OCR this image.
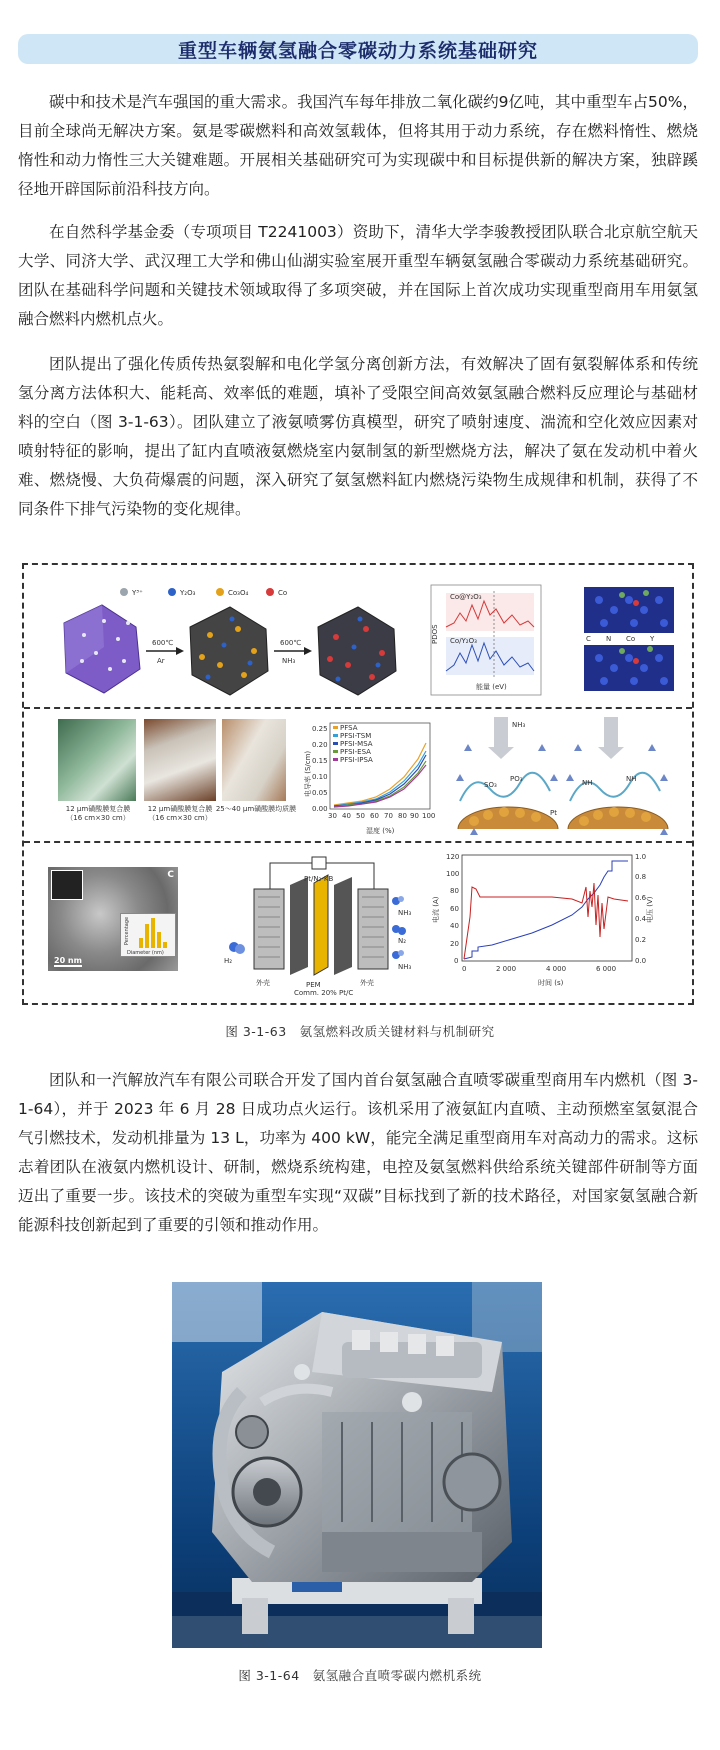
重型车辆氨氢融合零碳动力系统基础研究

碳中和技术是汽车强国的重大需求。我国汽车每年排放二氧化碳约9亿吨，其中重型车占50%，目前全球尚无解决方案。氨是零碳燃料和高效氢载体，但将其用于动力系统，存在燃料惰性、燃烧惰性和动力惰性三大关键难题。开展相关基础研究可为实现碳中和目标提供新的解决方案，独辟蹊径地开辟国际前沿科技方向。

在自然科学基金委（专项项目 T2241003）资助下，清华大学李骏教授团队联合北京航空航天大学、同济大学、武汉理工大学和佛山仙湖实验室展开重型车辆氨氢融合零碳动力系统基础研究。团队在基础科学问题和关键技术领域取得了多项突破，并在国际上首次成功实现重型商用车用氨氢融合燃料内燃机点火。

团队提出了强化传质传热氨裂解和电化学氢分离创新方法，有效解决了固有氨裂解体系和传统氢分离方法体积大、能耗高、效率低的难题，填补了受限空间高效氨氢融合燃料反应理论与基础材料的空白（图 3-1-63）。团队建立了液氨喷雾仿真模型，研究了喷射速度、湍流和空化效应因素对喷射特征的影响，提出了缸内直喷液氨燃烧室内氨制氢的新型燃烧方法，解决了氨在发动机中着火难、燃烧慢、大负荷爆震的问题，深入研究了氨氢燃料缸内燃烧污染物生成规律和机制，获得了不同条件下排气污染物的变化规律。

Y³⁺	Y₂O₃	Co₃O₄	Co
600℃
Ar
600℃
NH₃
PDOS
能量 (eV)
Co@Y₂O₃
Co/Y₂O₃	C N Co Y
12 μm磺酸膜复合膜
（16 cm×30 cm）
12 μm磺酸膜复合膜
（16 cm×30 cm）
25～40 μm磺酸膜均质膜
电导率 (S/cm)
湿度 (%)
30 40 50 60 70 80 90 100
0.00
0.05
0.10
0.15
0.20
0.25 PFSA
PFSI-TSM
PFSI-MSA
PFSI-ESA
PFSI-IPSA
NH₃
SO₃
PO₃
Pt
NH	NH
C
Diameter (nm)
Percentage
20 nm
Pt/N₂-KB
PEM
Comm. 20% Pt/C
H₂
外壳	外壳
NH₃
N₂
NH₃
电流 (A)	电压 (V)
时间 (s)
0	2 000	4 000	6 000
0
20
40
60
80
100
120
0.0
0.2
0.4
0.6
0.8
1.0
图 3-1-63　氨氢燃料改质关键材料与机制研究

团队和一汽解放汽车有限公司联合开发了国内首台氨氢融合直喷零碳重型商用车内燃机（图 3-1-64），并于 2023 年 6 月 28 日成功点火运行。该机采用了液氨缸内直喷、主动预燃室氢氨混合气引燃技术，发动机排量为 13 L，功率为 400 kW，能完全满足重型商用车对高动力的需求。这标志着团队在液氨内燃机设计、研制，燃烧系统构建，电控及氨氢燃料供给系统关键部件研制等方面迈出了重要一步。该技术的突破为重型车实现“双碳”目标找到了新的技术路径，对国家氨氢融合新能源科技创新起到了重要的引领和推动作用。

图 3-1-64　氨氢融合直喷零碳内燃机系统
